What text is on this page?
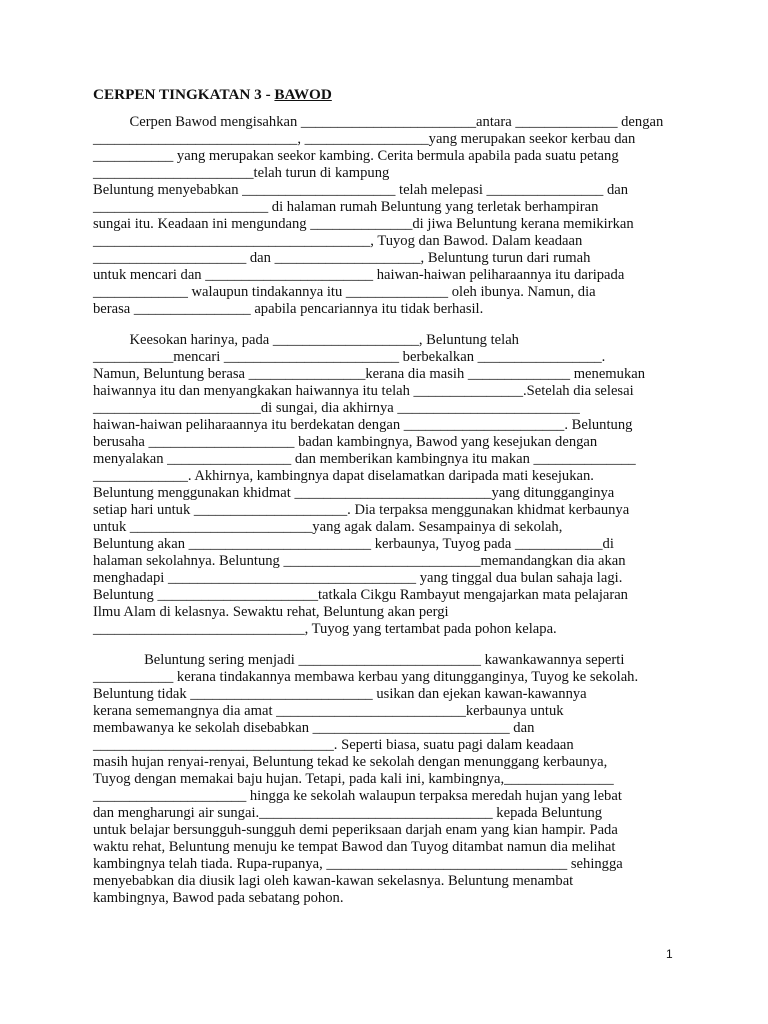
CERPEN TINGKATAN 3 - BAWOD
Cerpen Bawod mengisahkan ________________________antara ______________ dengan
____________________________, _________________yang merupakan seekor kerbau dan
___________ yang merupakan seekor kambing. Cerita bermula apabila pada suatu petang
______________________telah turun di kampung
Beluntung menyebabkan _____________________ telah melepasi ________________ dan
________________________ di halaman rumah Beluntung yang terletak berhampiran
sungai itu. Keadaan ini mengundang ______________di jiwa Beluntung kerana memikirkan
______________________________________, Tuyog dan Bawod. Dalam keadaan
_____________________ dan ____________________, Beluntung turun dari rumah
untuk mencari dan _______________________ haiwan-haiwan peliharaannya itu daripada
_____________ walaupun tindakannya itu ______________ oleh ibunya. Namun, dia
berasa ________________ apabila pencariannya itu tidak berhasil.
Keesokan harinya, pada ____________________, Beluntung telah
___________mencari ________________________ berbekalkan _________________.
Namun, Beluntung berasa ________________kerana dia masih ______________ menemukan
haiwannya itu dan menyangkakan haiwannya itu telah _______________.Setelah dia selesai
_______________________di sungai, dia akhirnya _________________________
haiwan-haiwan peliharaannya itu berdekatan dengan ______________________. Beluntung
berusaha ____________________ badan kambingnya, Bawod yang kesejukan dengan
menyalakan _________________ dan memberikan kambingnya itu makan ______________
_____________. Akhirnya, kambingnya dapat diselamatkan daripada mati kesejukan.
Beluntung menggunakan khidmat ___________________________yang ditungganginya
setiap hari untuk _____________________. Dia terpaksa menggunakan khidmat kerbaunya
untuk _________________________yang agak dalam. Sesampainya di sekolah,
Beluntung akan _________________________ kerbaunya, Tuyog pada ____________di
halaman sekolahnya. Beluntung ___________________________memandangkan dia akan
menghadapi __________________________________ yang tinggal dua bulan sahaja lagi.
Beluntung ______________________tatkala Cikgu Rambayut mengajarkan mata pelajaran
Ilmu Alam di kelasnya. Sewaktu rehat, Beluntung akan pergi
_____________________________, Tuyog yang tertambat pada pohon kelapa.
Beluntung sering menjadi _________________________ kawankawannya seperti
___________ kerana tindakannya membawa kerbau yang ditungganginya, Tuyog ke sekolah.
Beluntung tidak _________________________ usikan dan ejekan kawan-kawannya
kerana sememangnya dia amat __________________________kerbaunya untuk
membawanya ke sekolah disebabkan ___________________________ dan
_________________________________. Seperti biasa, suatu pagi dalam keadaan
masih hujan renyai-renyai, Beluntung tekad ke sekolah dengan menunggang kerbaunya,
Tuyog dengan memakai baju hujan. Tetapi, pada kali ini, kambingnya,_______________
_____________________ hingga ke sekolah walaupun terpaksa meredah hujan yang lebat
dan mengharungi air sungai.________________________________ kepada Beluntung
untuk belajar bersungguh-sungguh demi peperiksaan darjah enam yang kian hampir. Pada
waktu rehat, Beluntung menuju ke tempat Bawod dan Tuyog ditambat namun dia melihat
kambingnya telah tiada. Rupa-rupanya, _________________________________ sehingga
menyebabkan dia diusik lagi oleh kawan-kawan sekelasnya. Beluntung menambat
kambingnya, Bawod pada sebatang pohon.
1
